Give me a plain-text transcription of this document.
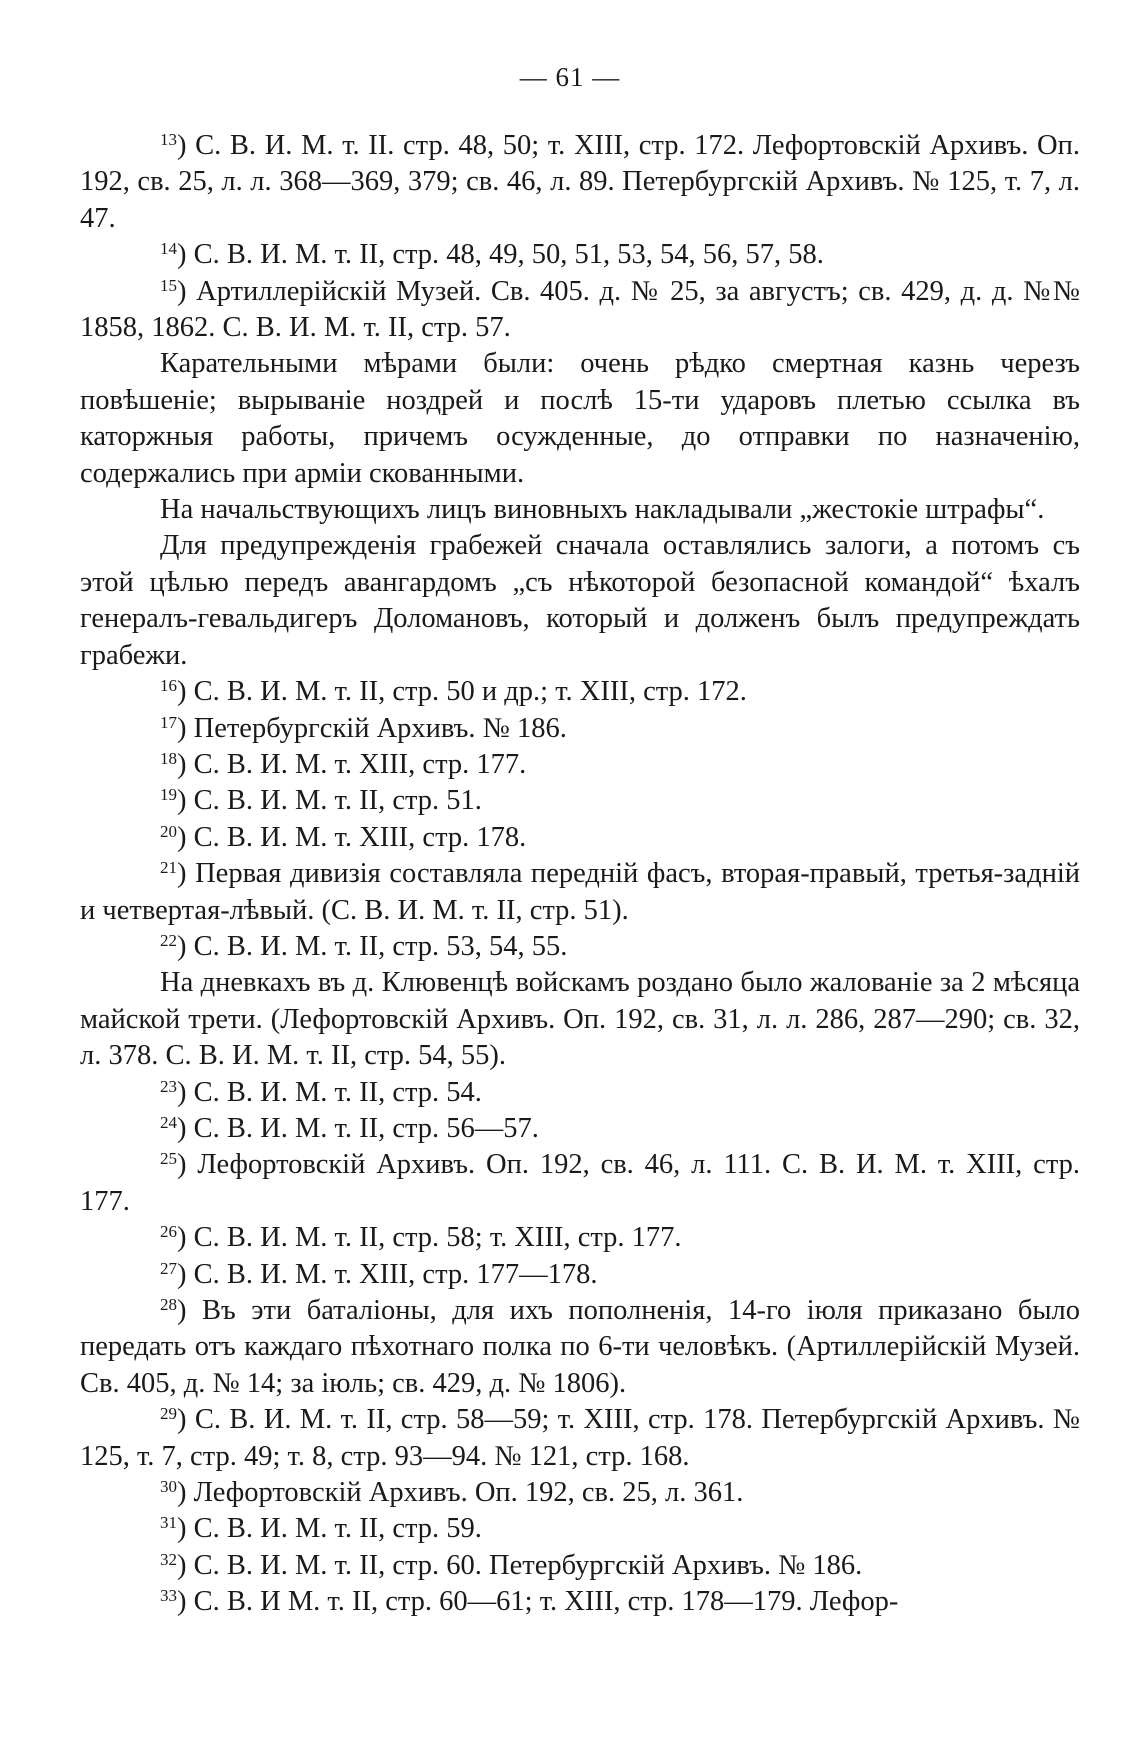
— 61 —

$^{13}$) С. В. И. М. т. II. стр. 48, 50; т. XIII, стр. 172. Лефортовскій Архивъ. Оп. 192, св. 25, л. л. 368—369, 379; св. 46, л. 89. Петербургскій Архивъ. № 125, т. 7, л. 47.

$^{14}$) С. В. И. М. т. II, стр. 48, 49, 50, 51, 53, 54, 56, 57, 58.

$^{15}$) Артиллерійскій Музей. Св. 405. д. № 25, за августъ; св. 429, д. д. №№ 1858, 1862. С. В. И. М. т. II, стр. 57.

Карательными мѣрами были: очень рѣдко смертная казнь черезъ повѣшеніе; вырываніе ноздрей и послѣ 15-ти ударовъ плетью ссылка въ каторжныя работы, причемъ осужденные, до отправки по назначенію, содержались при арміи скованными.

На начальствующихъ лицъ виновныхъ накладывали „жестокіе штрафы“.

Для предупрежденія грабежей сначала оставлялись залоги, а потомъ съ этой цѣлью передъ авангардомъ „съ нѣкоторой безопасной командой“ ѣхалъ генералъ-гевальдигеръ Доломановъ, который и долженъ былъ предупреждать грабежи.

$^{16}$) С. В. И. М. т. II, стр. 50 и др.; т. XIII, стр. 172.

$^{17}$) Петербургскій Архивъ. № 186.

$^{18}$) С. В. И. М. т. XIII, стр. 177.

$^{19}$) С. В. И. М. т. II, стр. 51.

$^{20}$) С. В. И. М. т. XIII, стр. 178.

$^{21}$) Первая дивизія составляла передній фасъ, вторая-правый, третья-задній и четвертая-лѣвый. (С. В. И. М. т. II, стр. 51).

$^{22}$) С. В. И. М. т. II, стр. 53, 54, 55.

На дневкахъ въ д. Клювенцѣ войскамъ роздано было жалованіе за 2 мѣсяца майской трети. (Лефортовскій Архивъ. Оп. 192, св. 31, л. л. 286, 287—290; св. 32, л. 378. С. В. И. М. т. II, стр. 54, 55).

$^{23}$) С. В. И. М. т. II, стр. 54.

$^{24}$) С. В. И. М. т. II, стр. 56—57.

$^{25}$) Лефортовскій Архивъ. Оп. 192, св. 46, л. 111. С. В. И. М. т. XIII, стр. 177.

$^{26}$) С. В. И. М. т. II, стр. 58; т. XIII, стр. 177.

$^{27}$) С. В. И. М. т. XIII, стр. 177—178.

$^{28}$) Въ эти баталіоны, для ихъ пополненія, 14-го іюля приказано было передать отъ каждаго пѣхотнаго полка по 6-ти человѣкъ. (Артиллерійскій Музей. Св. 405, д. № 14; за іюль; св. 429, д. № 1806).

$^{29}$) С. В. И. М. т. II, стр. 58—59; т. XIII, стр. 178. Петербургскій Архивъ. № 125, т. 7, стр. 49; т. 8, стр. 93—94. № 121, стр. 168.

$^{30}$) Лефортовскій Архивъ. Оп. 192, св. 25, л. 361.

$^{31}$) С. В. И. М. т. II, стр. 59.

$^{32}$) С. В. И. М. т. II, стр. 60. Петербургскій Архивъ. № 186.

$^{33}$) С. В. И М. т. II, стр. 60—61; т. XIII, стр. 178—179. Лефор-
